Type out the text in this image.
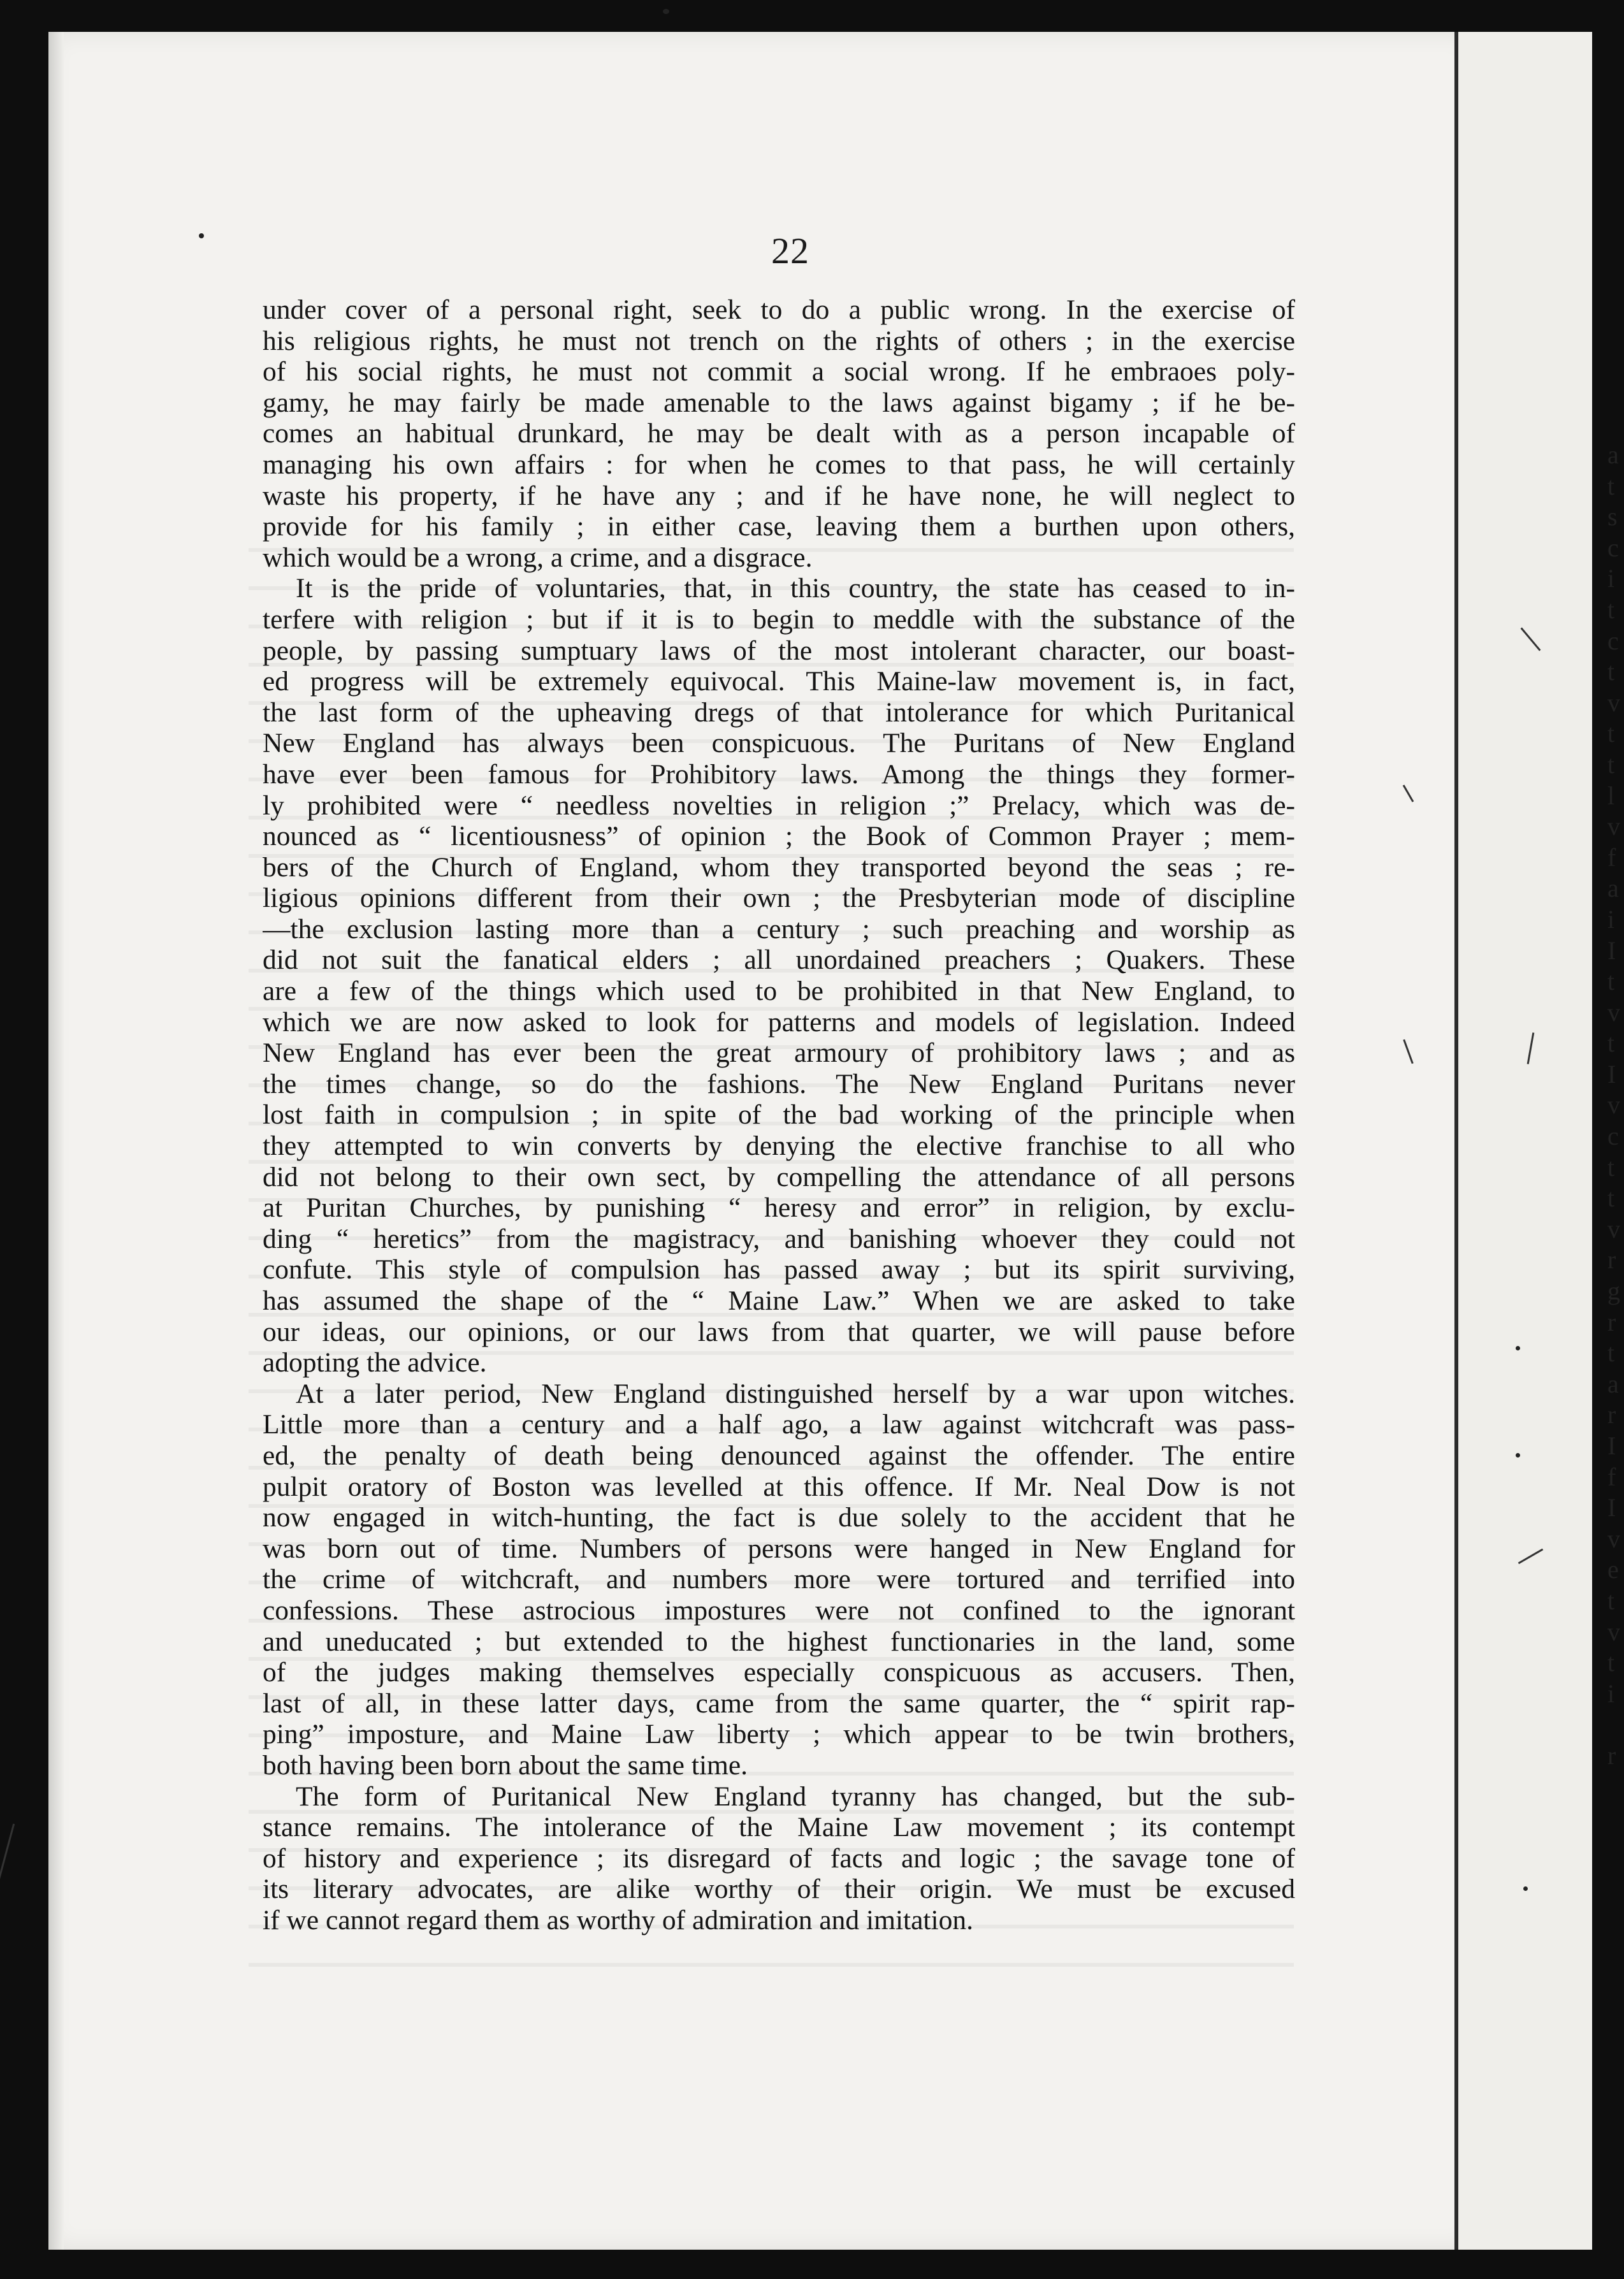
22
under cover of a personal right, seek to do a public wrong. In the exercise of
his religious rights, he must not trench on the rights of others ; in the exercise
of his social rights, he must not commit a social wrong. If he embraoes poly-
gamy, he may fairly be made amenable to the laws against bigamy ; if he be-
comes an habitual drunkard, he may be dealt with as a person incapable of
managing his own affairs : for when he comes to that pass, he will certainly
waste his property, if he have any ; and if he have none, he will neglect to
provide for his family ; in either case, leaving them a burthen upon others,
which would be a wrong, a crime, and a disgrace.
It is the pride of voluntaries, that, in this country, the state has ceased to in-
terfere with religion ; but if it is to begin to meddle with the substance of the
people, by passing sumptuary laws of the most intolerant character, our boast-
ed progress will be extremely equivocal. This Maine-law movement is, in fact,
the last form of the upheaving dregs of that intolerance for which Puritanical
New England has always been conspicuous. The Puritans of New England
have ever been famous for Prohibitory laws. Among the things they former-
ly prohibited were “ needless novelties in religion ;” Prelacy, which was de-
nounced as “ licentiousness” of opinion ; the Book of Common Prayer ; mem-
bers of the Church of England, whom they transported beyond the seas ; re-
ligious opinions different from their own ; the Presbyterian mode of discipline
—the exclusion lasting more than a century ; such preaching and worship as
did not suit the fanatical elders ; all unordained preachers ; Quakers. These
are a few of the things which used to be prohibited in that New England, to
which we are now asked to look for patterns and models of legislation. Indeed
New England has ever been the great armoury of prohibitory laws ; and as
the times change, so do the fashions. The New England Puritans never
lost faith in compulsion ; in spite of the bad working of the principle when
they attempted to win converts by denying the elective franchise to all who
did not belong to their own sect, by compelling the attendance of all persons
at Puritan Churches, by punishing “ heresy and error” in religion, by exclu-
ding “ heretics” from the magistracy, and banishing whoever they could not
confute. This style of compulsion has passed away ; but its spirit surviving,
has assumed the shape of the “ Maine Law.” When we are asked to take
our ideas, our opinions, or our laws from that quarter, we will pause before
adopting the advice.
At a later period, New England distinguished herself by a war upon witches.
Little more than a century and a half ago, a law against witchcraft was pass-
ed, the penalty of death being denounced against the offender. The entire
pulpit oratory of Boston was levelled at this offence. If Mr. Neal Dow is not
now engaged in witch-hunting, the fact is due solely to the accident that he
was born out of time. Numbers of persons were hanged in New England for
the crime of witchcraft, and numbers more were tortured and terrified into
confessions. These astrocious impostures were not confined to the ignorant
and uneducated ; but extended to the highest functionaries in the land, some
of the judges making themselves especially conspicuous as accusers. Then,
last of all, in these latter days, came from the same quarter, the “ spirit rap-
ping” imposture, and Maine Law liberty ; which appear to be twin brothers,
both having been born about the same time.
The form of Puritanical New England tyranny has changed, but the sub-
stance remains. The intolerance of the Maine Law movement ; its contempt
of history and experience ; its disregard of facts and logic ; the savage tone of
its literary advocates, are alike worthy of their origin. We must be excused
if we cannot regard them as worthy of admiration and imitation.
a
t
s
c
i
t
c
t
v
t
t
l
v
f
a
i
I
t
v
t
I
v
c
t
t
v
r
g
r
t
a
r
I
f
I
v
e
t
v
t
i
r
